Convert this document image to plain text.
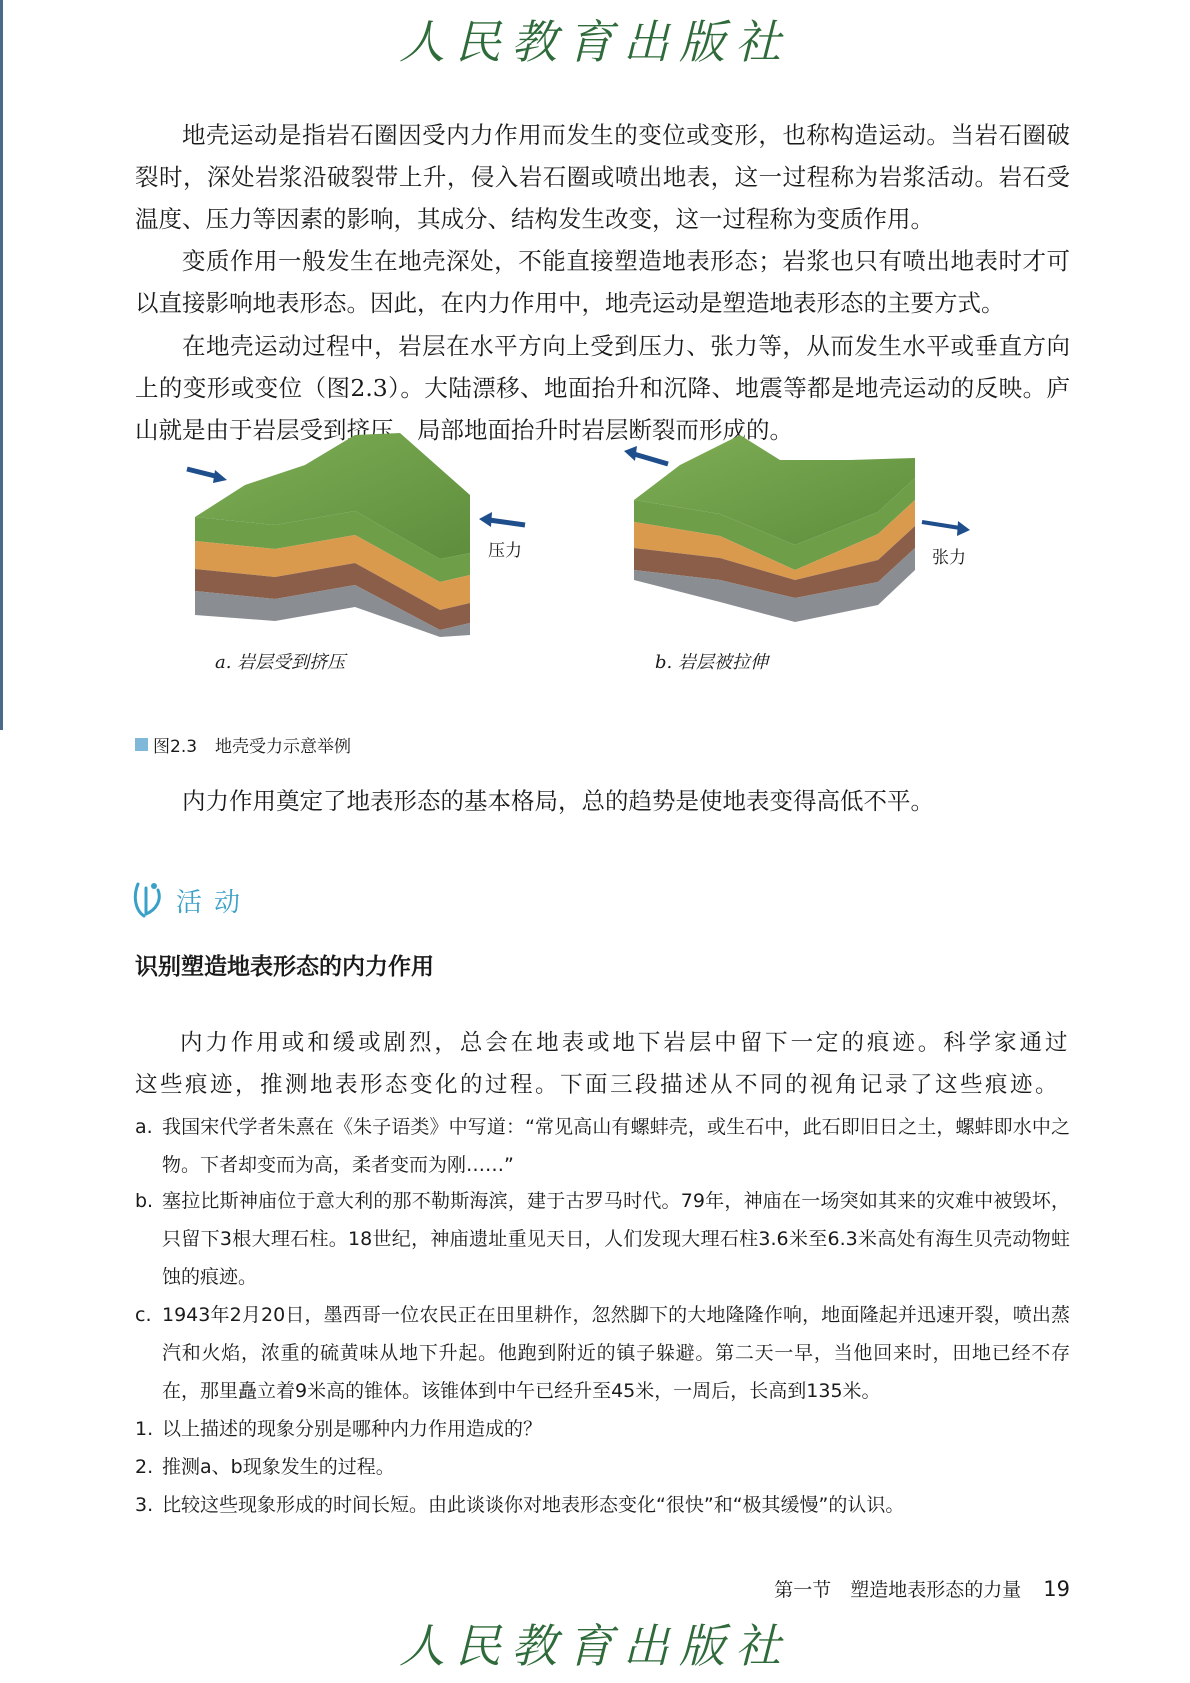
人民教育出版社

地壳运动是指岩石圈因受内力作用而发生的变位或变形，也称构造运动。当岩石圈破裂时，深处岩浆沿破裂带上升，侵入岩石圈或喷出地表，这一过程称为岩浆活动。岩石受温度、压力等因素的影响，其成分、结构发生改变，这一过程称为变质作用。

变质作用一般发生在地壳深处，不能直接塑造地表形态；岩浆也只有喷出地表时才可以直接影响地表形态。因此，在内力作用中，地壳运动是塑造地表形态的主要方式。

在地壳运动过程中，岩层在水平方向上受到压力、张力等，从而发生水平或垂直方向上的变形或变位（图2.3）。大陆漂移、地面抬升和沉降、地震等都是地壳运动的反映。庐山就是由于岩层受到挤压，局部地面抬升时岩层断裂而形成的。

压力
a. 岩层受到挤压
张力
b. 岩层被拉伸
图2.3 地壳受力示意举例

内力作用奠定了地表形态的基本格局，总的趋势是使地表变得高低不平。

活动
识别塑造地表形态的内力作用

内力作用或和缓或剧烈，总会在地表或地下岩层中留下一定的痕迹。科学家通过这些痕迹，推测地表形态变化的过程。下面三段描述从不同的视角记录了这些痕迹。

a. 我国宋代学者朱熹在《朱子语类》中写道：“常见高山有螺蚌壳，或生石中，此石即旧日之土，螺蚌即水中之物。下者却变而为高，柔者变而为刚……”
b. 塞拉比斯神庙位于意大利的那不勒斯海滨，建于古罗马时代。79年，神庙在一场突如其来的灾难中被毁坏，只留下3根大理石柱。18世纪，神庙遗址重见天日，人们发现大理石柱3.6米至6.3米高处有海生贝壳动物蛀蚀的痕迹。
c. 1943年2月20日，墨西哥一位农民正在田里耕作，忽然脚下的大地隆隆作响，地面隆起并迅速开裂，喷出蒸汽和火焰，浓重的硫黄味从地下升起。他跑到附近的镇子躲避。第二天一早，当他回来时，田地已经不存在，那里矗立着9米高的锥体。该锥体到中午已经升至45米，一周后，长高到135米。
1. 以上描述的现象分别是哪种内力作用造成的？
2. 推测a、b现象发生的过程。
3. 比较这些现象形成的时间长短。由此谈谈你对地表形态变化“很快”和“极其缓慢”的认识。
第一节　塑造地表形态的力量 19
人民教育出版社
